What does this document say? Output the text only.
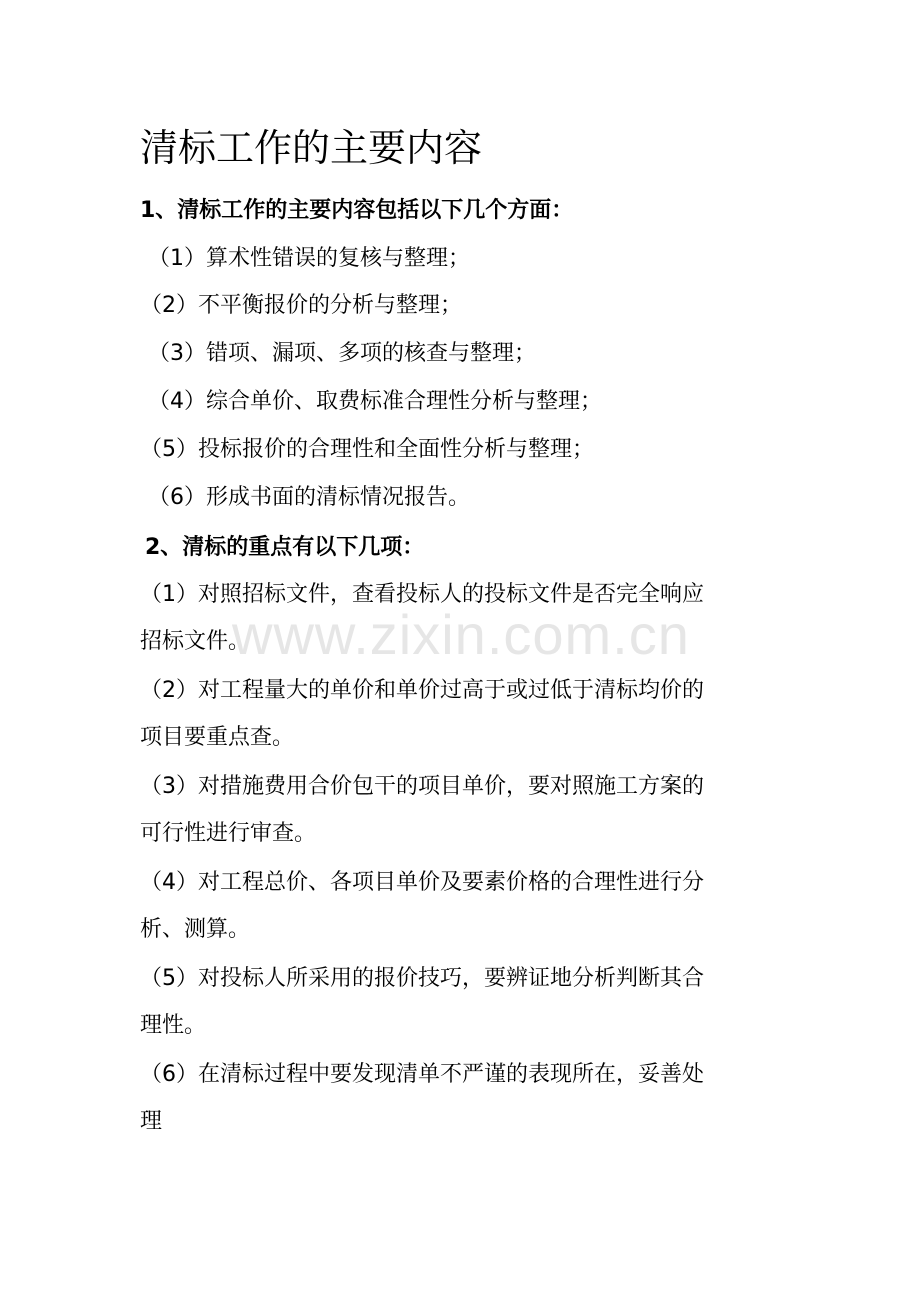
清标工作的主要内容

1、清标工作的主要内容包括以下几个方面：

（1）算术性错误的复核与整理；

（2）不平衡报价的分析与整理；

（3）错项、漏项、多项的核查与整理；

（4）综合单价、取费标准合理性分析与整理；

（5）投标报价的合理性和全面性分析与整理；

（6）形成书面的清标情况报告。

2、清标的重点有以下几项：

www.zixin.com.cn

（1）对照招标文件，查看投标人的投标文件是否完全响应

招标文件。

（2）对工程量大的单价和单价过高于或过低于清标均价的

项目要重点查。

（3）对措施费用合价包干的项目单价，要对照施工方案的

可行性进行审查。

（4）对工程总价、各项目单价及要素价格的合理性进行分

析、测算。

（5）对投标人所采用的报价技巧，要辨证地分析判断其合

理性。

（6）在清标过程中要发现清单不严谨的表现所在，妥善处

理
